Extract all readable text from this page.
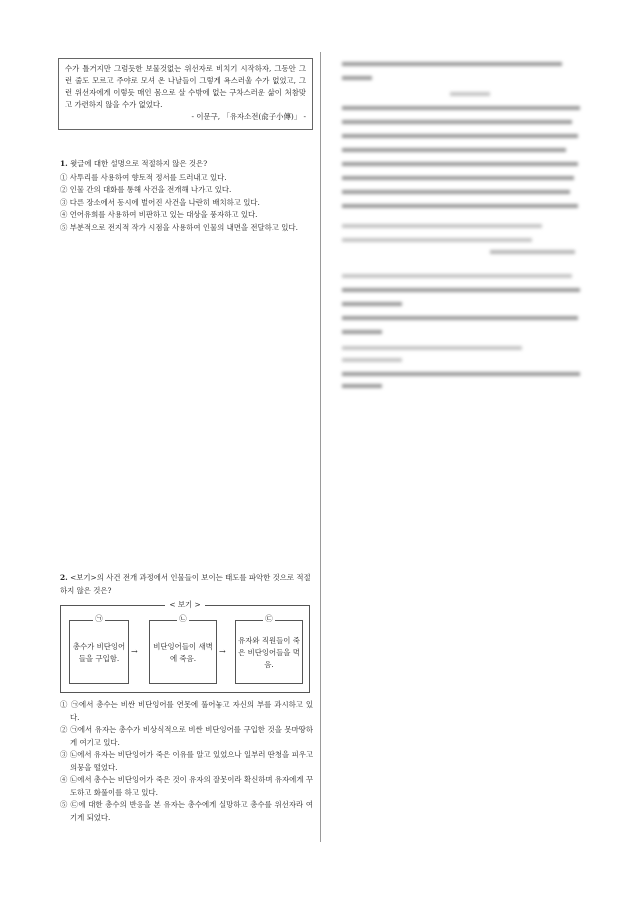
수가 틀거지만 그럼듯한 보물것없는 위선자로 비치기 시작하자, 그동안 그런 줄도 모르고 주야로 모셔 온 나날들이 그렇게 욕스러울 수가 없었고, 그런 위선자에게 이렇듯 매인 몸으로 살 수밖에 없는 구차스러운 삶이 처참맞고 가련하지 않을 수가 없었다.
- 이문구, 「유자소전(兪子小傳)」 -
1. 윗글에 대한 설명으로 적절하지 않은 것은?
① 사투리를 사용하여 향토적 정서를 드러내고 있다.
② 인물 간의 대화를 통해 사건을 전개해 나가고 있다.
③ 다른 장소에서 동시에 벌어진 사건을 나란히 배치하고 있다.
④ 언어유희를 사용하여 비판하고 있는 대상을 풍자하고 있다.
⑤ 부분적으로 전지적 작가 시점을 사용하여 인물의 내면을 전달하고 있다.
2. <보기>의 사건 전개 과정에서 인물들이 보이는 태도를 파악한 것으로 적절하지 않은 것은?
< 보기 >
㉠
총수가 비단잉어들을 구입함.
→
㉡
비단잉어들이 새벽에 죽음.
→
㉢
유자와 직원들이 죽은 비단잉어들을 먹음.
① ㉠에서 총수는 비싼 비단잉어를 연못에 풀어놓고 자신의 부를 과시하고 있다.
② ㉠에서 유자는 총수가 비상식적으로 비싼 비단잉어를 구입한 것을 못마땅하게 여기고 있다.
③ ㉡에서 유자는 비단잉어가 죽은 이유를 알고 있었으나 일부러 딴청을 피우고 의뭉을 떨었다.
④ ㉡에서 총수는 비단잉어가 죽은 것이 유자의 잘못이라 확신하며 유자에게 꾸도하고 화풀이를 하고 있다.
⑤ ㉢에 대한 총수의 반응을 본 유자는 총수에게 실망하고 총수를 위선자라 여기게 되었다.
